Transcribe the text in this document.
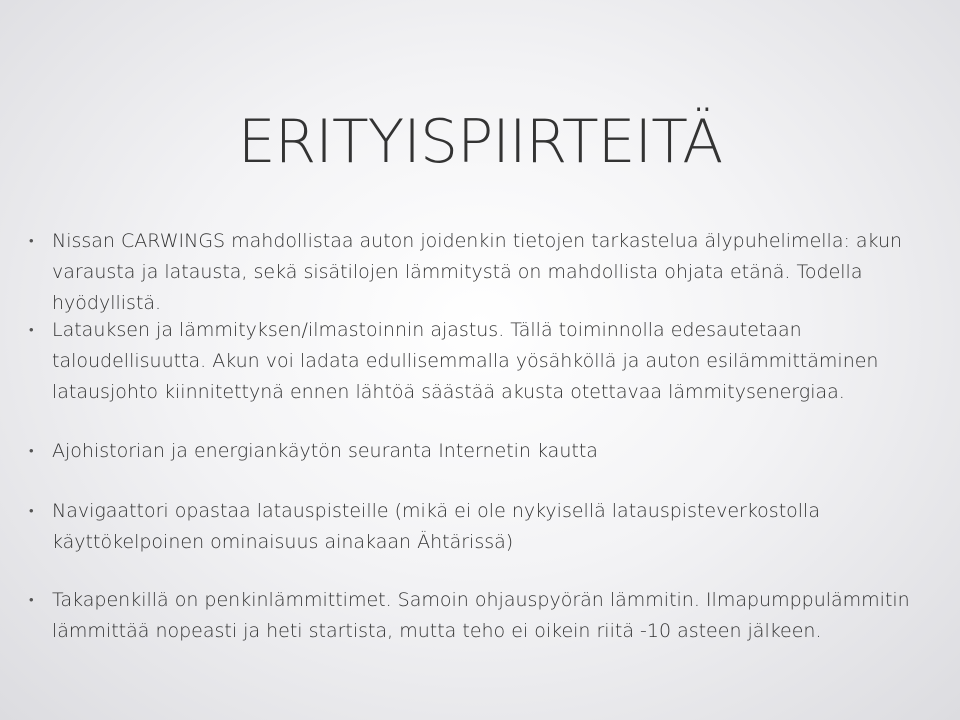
ERITYISPIIRTEITÄ
• Nissan CARWINGS mahdollistaa auton joidenkin tietojen tarkastelua älypuhelimella: akun varausta ja latausta, sekä sisätilojen lämmitystä on mahdollista ohjata etänä. Todella hyödyllistä.
• Latauksen ja lämmityksen/ilmastoinnin ajastus. Tällä toiminnolla edesautetaan taloudellisuutta. Akun voi ladata edullisemmalla yösähköllä ja auton esilämmittäminen latausjohto kiinnitettynä ennen lähtöä säästää akusta otettavaa lämmitysenergiaa.
• Ajohistorian ja energiankäytön seuranta Internetin kautta
• Navigaattori opastaa latauspisteille (mikä ei ole nykyisellä latauspisteverkostolla käyttökelpoinen ominaisuus ainakaan Ähtärissä)
• Takapenkillä on penkinlämmittimet. Samoin ohjauspyörän lämmitin. Ilmapumppulämmitin lämmittää nopeasti ja heti startista, mutta teho ei oikein riitä -10 asteen jälkeen.
